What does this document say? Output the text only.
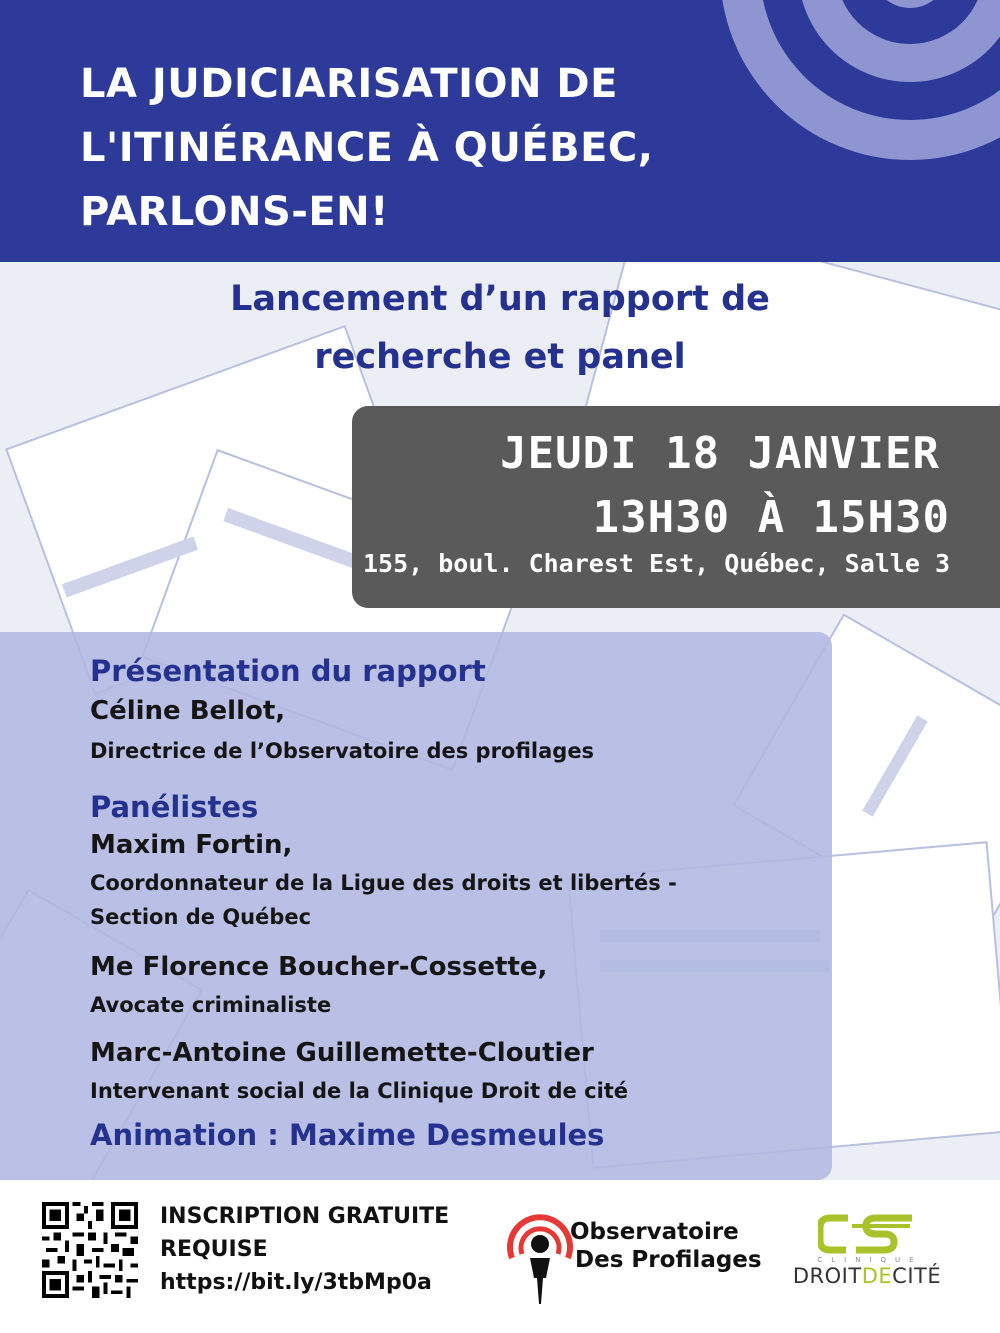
LA JUDICIARISATION DE
L'ITINÉRANCE À QUÉBEC,
PARLONS-EN!
Lancement d’un rapport de
recherche et panel
JEUDI 18 JANVIER
13H30 À 15H30
155, boul. Charest Est, Québec, Salle 3
Présentation du rapport
Céline Bellot,
Directrice de l’Observatoire des profilages
Panélistes
Maxim Fortin,
Coordonnateur de la Ligue des droits et libertés -
Section de Québec
Me Florence Boucher-Cossette,
Avocate criminaliste
Marc-Antoine Guillemette-Cloutier
Intervenant social de la Clinique Droit de cité
Animation : Maxime Desmeules
INSCRIPTION GRATUITE
REQUISE
https://bit.ly/3tbMp0a
Observatoire
Des Profilages	CLINIQUE
DROITDECITÉ
